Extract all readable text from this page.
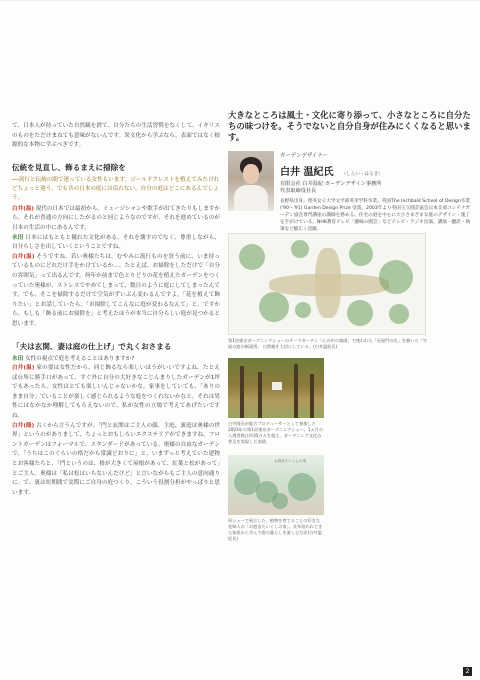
て、日本人が持っていた自然観を捨て、自分たちの生活習慣をなくして、イギリスのものをただけまねても意味がないんです。異文化から学ぶなら、表面ではなく根源的な本物に学ぶべきです。

伝統を見直し、飾るまえに掃除を

──流行と伝統の間で迷っている女性もいます。ゴールドクレストを植えてみたけれどちょっと違う、でも昔の日本の庭には戻れない。自分の庭はどこにあるんでしょう。

白井(温) 現代の日本では最初から、ミュージシャンや歌手が出てきたりもしますから、それが普通の方向にしたがるのと同じようなのですが、それを進めているのが日本の生活の中にあるんです。

永田 日本にはもともと優れた文化がある。それを壊すのでなく、尊重しながら、自分らしさを出していくということですね。

白井(温) そうですね。若い奥様たちは、むやみに流行ものを買う前に、いま持っているものにどれだけ手をかけているか…。たとえば、お掃除をしただけで「自分の雰囲気」って出るんです。何年か前まで色とりどりの花を植えたガーデンをつくっていた奥様が、ストレスでやめてしまって、数日のように庭にしてしまったんです。でも、そこを掃除するだけで空気がずいぶん変わるんですよ。「花を植えて飾りたい」とお話していたら、「お掃除してこんなに庭が変わるなんて」と。ですから、もしも「飾る前にお掃除を」と考えたほうが本当に自分らしい庭が見つかると思います。

「夫は玄関、妻は庭の仕上げ」で丸くおさまる

永田 女性の視点で庭を考えることはありますか?

白井(温) 家の要は女性だから、同じ飾るなら楽しいほうがいいですよね。たとえば台所に勝手口があって、すぐ外に自分の大好きなこじんまりしたガーデンが1坪でもあったら、女性はとても楽しいんじゃないかな。家事をしていても、「ありのまま自分」でいることが楽しく感じられるような庭をつくれないかなと。それは男性にはなかなか理解してもらえないので、私が女性の立場で考えてあげたいですね。

白井(隆) 古くから言うんですが、「門と玄関はご主人の顔、主庭、裏庭は奥様の世界」というのがありまして、ちょっとおもしろいエクステリアができますね。フロントガーデンはフォーマルで、スタンダードがあっている。奥様の自由なガーデンで、「うちはこのぐらいの格だから常識どおりに」と、いまずっと考えていた建物とお客様たちと、「門というのは、格が大きくて屋根があって、紅葉と松があって」とご主人。奥様は「私は松はいらないんだけど」と言いながらもご主人の意向通りに。で、裏は短期間で実際にご自身の庭つくり。こういう役割分担がやっぱりと思います。

大きなところは風土・文化に寄り添って、小さなところに自分たちの味つけを。そうでないと自分自身が住みにくくなると思います。
ガーデンデザイナー
白井 温紀氏 （しらい・はるき）
有限会社 白井温紀 ガーデンデザイン事務所
代表取締役社長

長野県出身。豊英女子大学文学部英米学科卒業。英国The Inchbald School of Design卒業('90〜'91) Garden Design Prize 受賞。2003年より英国王立園芸協会日本支部コンテナガーデン協会専門講座の講師を務める。住宅の庭を中心に大小さまざまな庭のデザイン・施工を手がけている。NHK教育テレビ「趣味の園芸」などテレビ・ラジオ出演、講演・翻訳・執筆など幅広く活躍。

第1回東京ガーデニングショーのテーマガーデン「心の中の楽園」で使われた「長屋門の先」を描いた「竹屋の庭の断面図」 自然観を大切にしている。(白井温紀氏)

白井隆氏が総合プロデューサーとして参加した2003年の第1回東京ガーデニングショー。1ヵ月の入場者数は約35万人を超え、ガーデニング文化の普及を実現した実績。

お庭またいくしの家

同ショーで展示した、植物を育てることの好きな老婦人の「お庭またいくしの家」。長年培われてきた知恵から学んで庭の暮らしを楽しむ方法(白井温紀氏)

2
